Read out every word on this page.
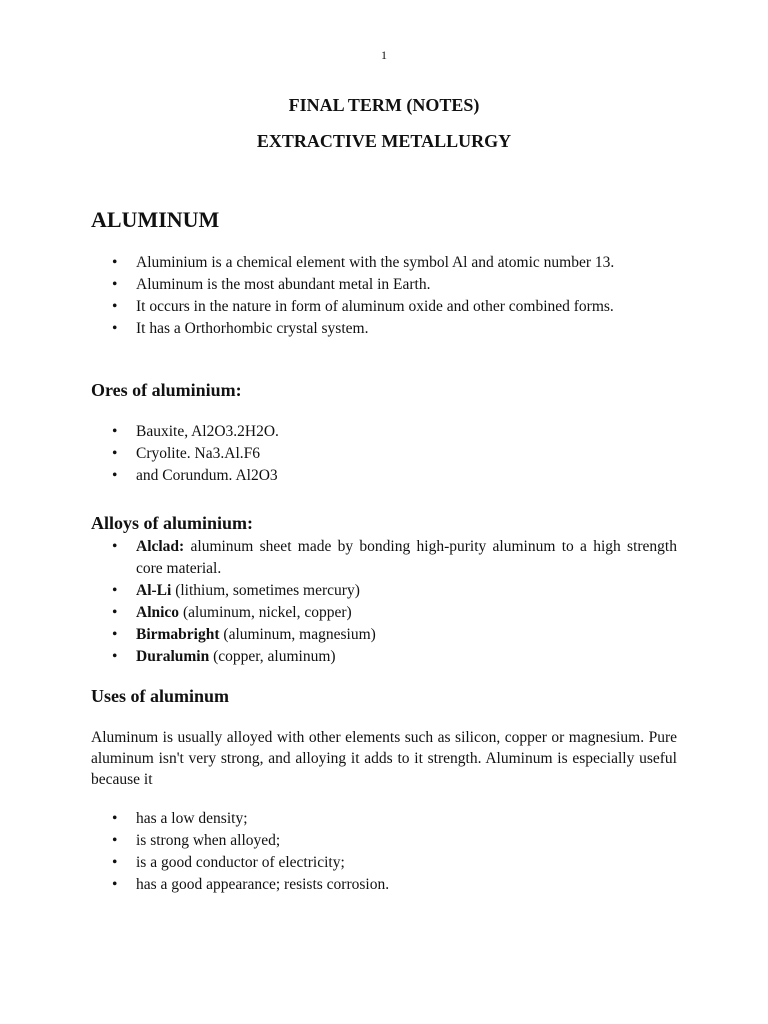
1
FINAL TERM (NOTES)
EXTRACTIVE METALLURGY
ALUMINUM
• Aluminium is a chemical element with the symbol Al and atomic number 13.
• Aluminum is the most abundant metal in Earth.
• It occurs in the nature in form of aluminum oxide and other combined forms.
• It has a Orthorhombic crystal system.
Ores of aluminium:
• Bauxite, Al2O3.2H2O.
• Cryolite. Na3.Al.F6
• and Corundum. Al2O3
Alloys of aluminium:
• Alclad: aluminum sheet made by bonding high-purity aluminum to a high strength core material.
• Al-Li (lithium, sometimes mercury)
• Alnico (aluminum, nickel, copper)
• Birmabright (aluminum, magnesium)
• Duralumin (copper, aluminum)
Uses of aluminum

Aluminum is usually alloyed with other elements such as silicon, copper or magnesium. Pure aluminum isn't very strong, and alloying it adds to it strength. Aluminum is especially useful because it

• has a low density;
• is strong when alloyed;
• is a good conductor of electricity;
• has a good appearance; resists corrosion.
